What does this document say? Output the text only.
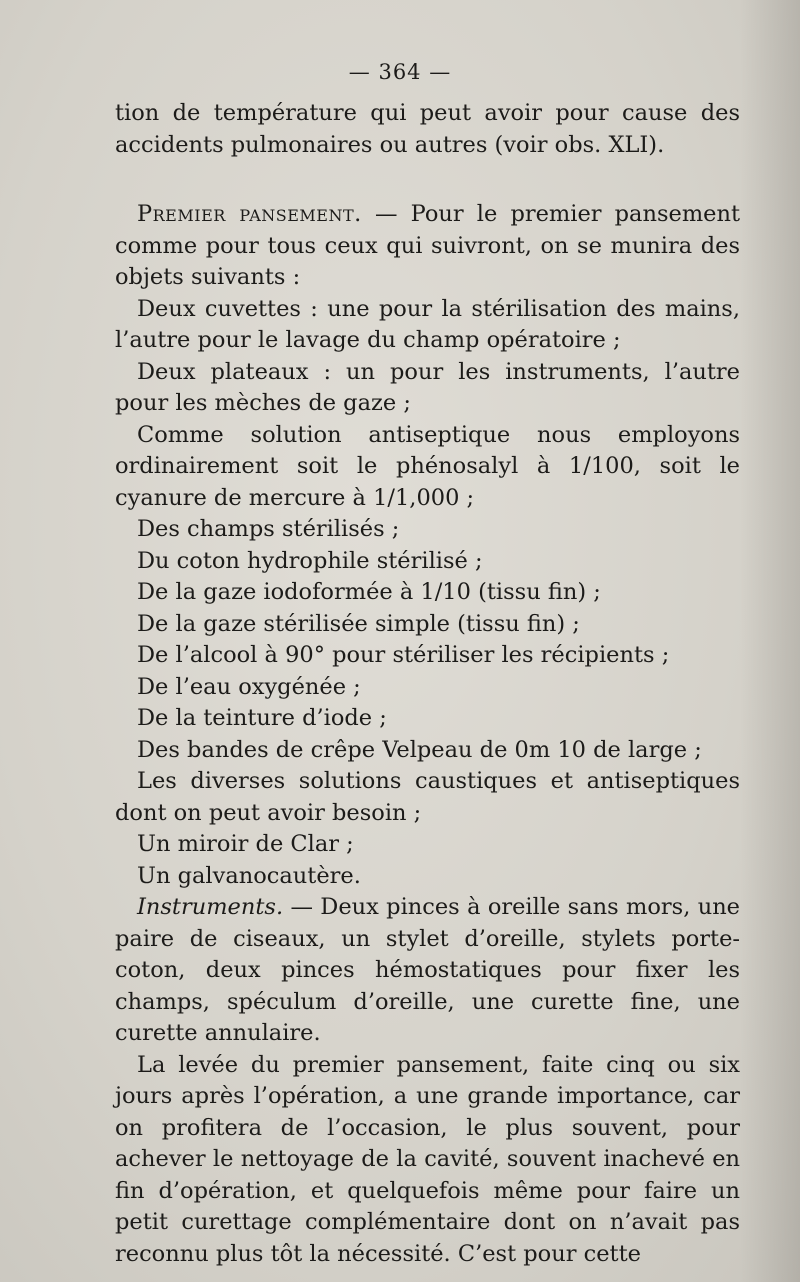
— 364 —

tion de température qui peut avoir pour cause des accidents pulmonaires ou autres (voir obs. XLI).

Premier pansement. — Pour le premier pansement comme pour tous ceux qui suivront, on se munira des objets suivants :

Deux cuvettes : une pour la stérilisation des mains, l’autre pour le lavage du champ opératoire ;

Deux plateaux : un pour les instruments, l’autre pour les mèches de gaze ;

Comme solution antiseptique nous employons ordinairement soit le phénosalyl à 1/100, soit le cyanure de mercure à 1/1,000 ;

Des champs stérilisés ;

Du coton hydrophile stérilisé ;

De la gaze iodoformée à 1/10 (tissu fin) ;

De la gaze stérilisée simple (tissu fin) ;

De l’alcool à 90° pour stériliser les récipients ;

De l’eau oxygénée ;

De la teinture d’iode ;

Des bandes de crêpe Velpeau de 0m 10 de large ;

Les diverses solutions caustiques et antiseptiques dont on peut avoir besoin ;

Un miroir de Clar ;

Un galvanocautère.

Instruments. — Deux pinces à oreille sans mors, une paire de ciseaux, un stylet d’oreille, stylets porte-coton, deux pinces hémostatiques pour fixer les champs, spéculum d’oreille, une curette fine, une curette annulaire.

La levée du premier pansement, faite cinq ou six jours après l’opération, a une grande importance, car on profitera de l’occasion, le plus souvent, pour achever le nettoyage de la cavité, souvent inachevé en fin d’opération, et quelquefois même pour faire un petit curettage complémentaire dont on n’avait pas reconnu plus tôt la nécessité. C’est pour cette
